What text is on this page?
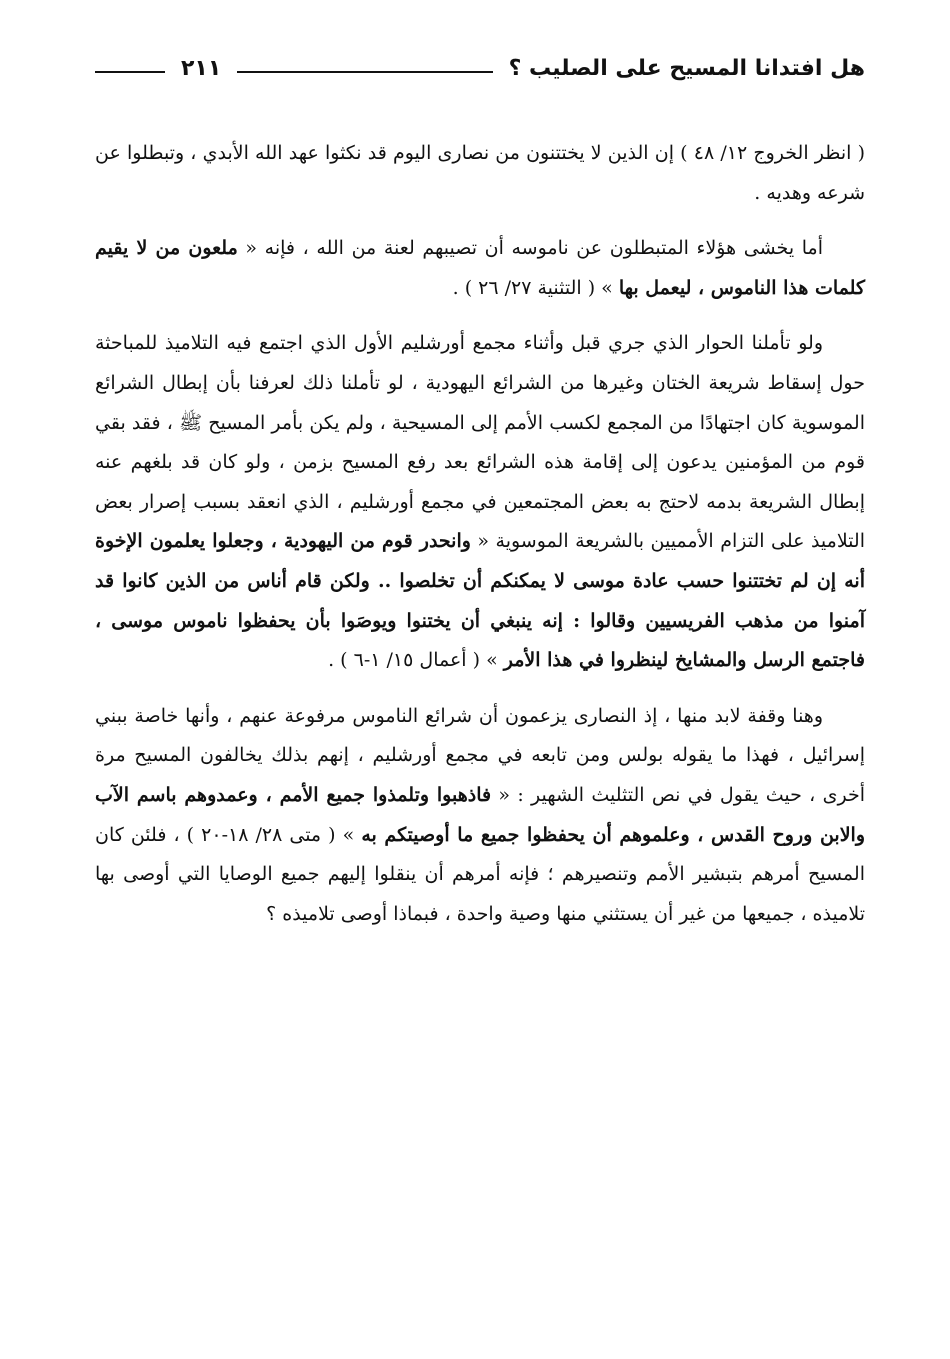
هل افتدانا المسيح على الصليب ؟
٢١١

( انظر الخروج ١٢/ ٤٨ ) إن الذين لا يختتنون من نصارى اليوم قد نكثوا عهد الله الأبدي ، وتبطلوا عن شرعه وهديه .

أما يخشى هؤلاء المتبطلون عن ناموسه أن تصيبهم لعنة من الله ، فإنه « ملعون من لا يقيم كلمات هذا الناموس ، ليعمل بها » ( التثنية ٢٧/ ٢٦ ) .

ولو تأملنا الحوار الذي جري قبل وأثناء مجمع أورشليم الأول الذي اجتمع فيه التلاميذ للمباحثة حول إسقاط شريعة الختان وغيرها من الشرائع اليهودية ، لو تأملنا ذلك لعرفنا بأن إبطال الشرائع الموسوية كان اجتهادًا من المجمع لكسب الأمم إلى المسيحية ، ولم يكن بأمر المسيح ﷺ ، فقد بقي قوم من المؤمنين يدعون إلى إقامة هذه الشرائع بعد رفع المسيح بزمن ، ولو كان قد بلغهم عنه إبطال الشريعة بدمه لاحتج به بعض المجتمعين في مجمع أورشليم ، الذي انعقد بسبب إصرار بعض التلاميذ على التزام الأمميين بالشريعة الموسوية « وانحدر قوم من اليهودية ، وجعلوا يعلمون الإخوة أنه إن لم تختتنوا حسب عادة موسى لا يمكنكم أن تخلصوا .. ولكن قام أناس من الذين كانوا قد آمنوا من مذهب الفريسيين وقالوا : إنه ينبغي أن يختنوا ويوصَوا بأن يحفظوا ناموس موسى ، فاجتمع الرسل والمشايخ لينظروا في هذا الأمر » ( أعمال ١٥/ ١-٦ ) .

وهنا وقفة لابد منها ، إذ النصارى يزعمون أن شرائع الناموس مرفوعة عنهم ، وأنها خاصة ببني إسرائيل ، فهذا ما يقوله بولس ومن تابعه في مجمع أورشليم ، إنهم بذلك يخالفون المسيح مرة أخرى ، حيث يقول في نص التثليث الشهير : « فاذهبوا وتلمذوا جميع الأمم ، وعمدوهم باسم الآب والابن وروح القدس ، وعلموهم أن يحفظوا جميع ما أوصيتكم به » ( متى ٢٨/ ١٨-٢٠ ) ، فلئن كان المسيح أمرهم بتبشير الأمم وتنصيرهم ؛ فإنه أمرهم أن ينقلوا إليهم جميع الوصايا التي أوصى بها تلاميذه ، جميعها من غير أن يستثني منها وصية واحدة ، فبماذا أوصى تلاميذه ؟
